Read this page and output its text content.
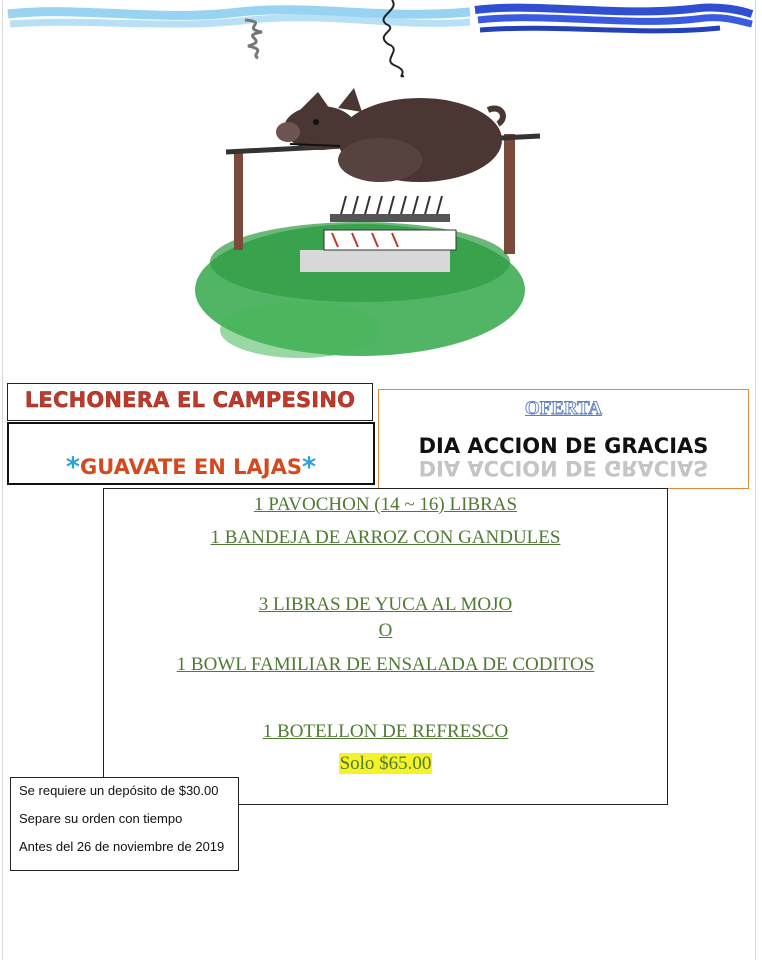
LECHONERA EL CAMPESINO
*GUAVATE EN LAJAS*
OFERTA
DIA ACCION DE GRACIAS
DIA ACCION DE GRACIAS
1 PAVOCHON (14 ~ 16) LIBRAS
1 BANDEJA DE ARROZ CON GANDULES
3 LIBRAS DE YUCA AL MOJO
O
1 BOWL FAMILIAR DE ENSALADA DE CODITOS
1 BOTELLON DE REFRESCO
Solo $65.00
Se requiere un depósito de $30.00
Separe su orden con tiempo
Antes del 26 de noviembre de 2019
